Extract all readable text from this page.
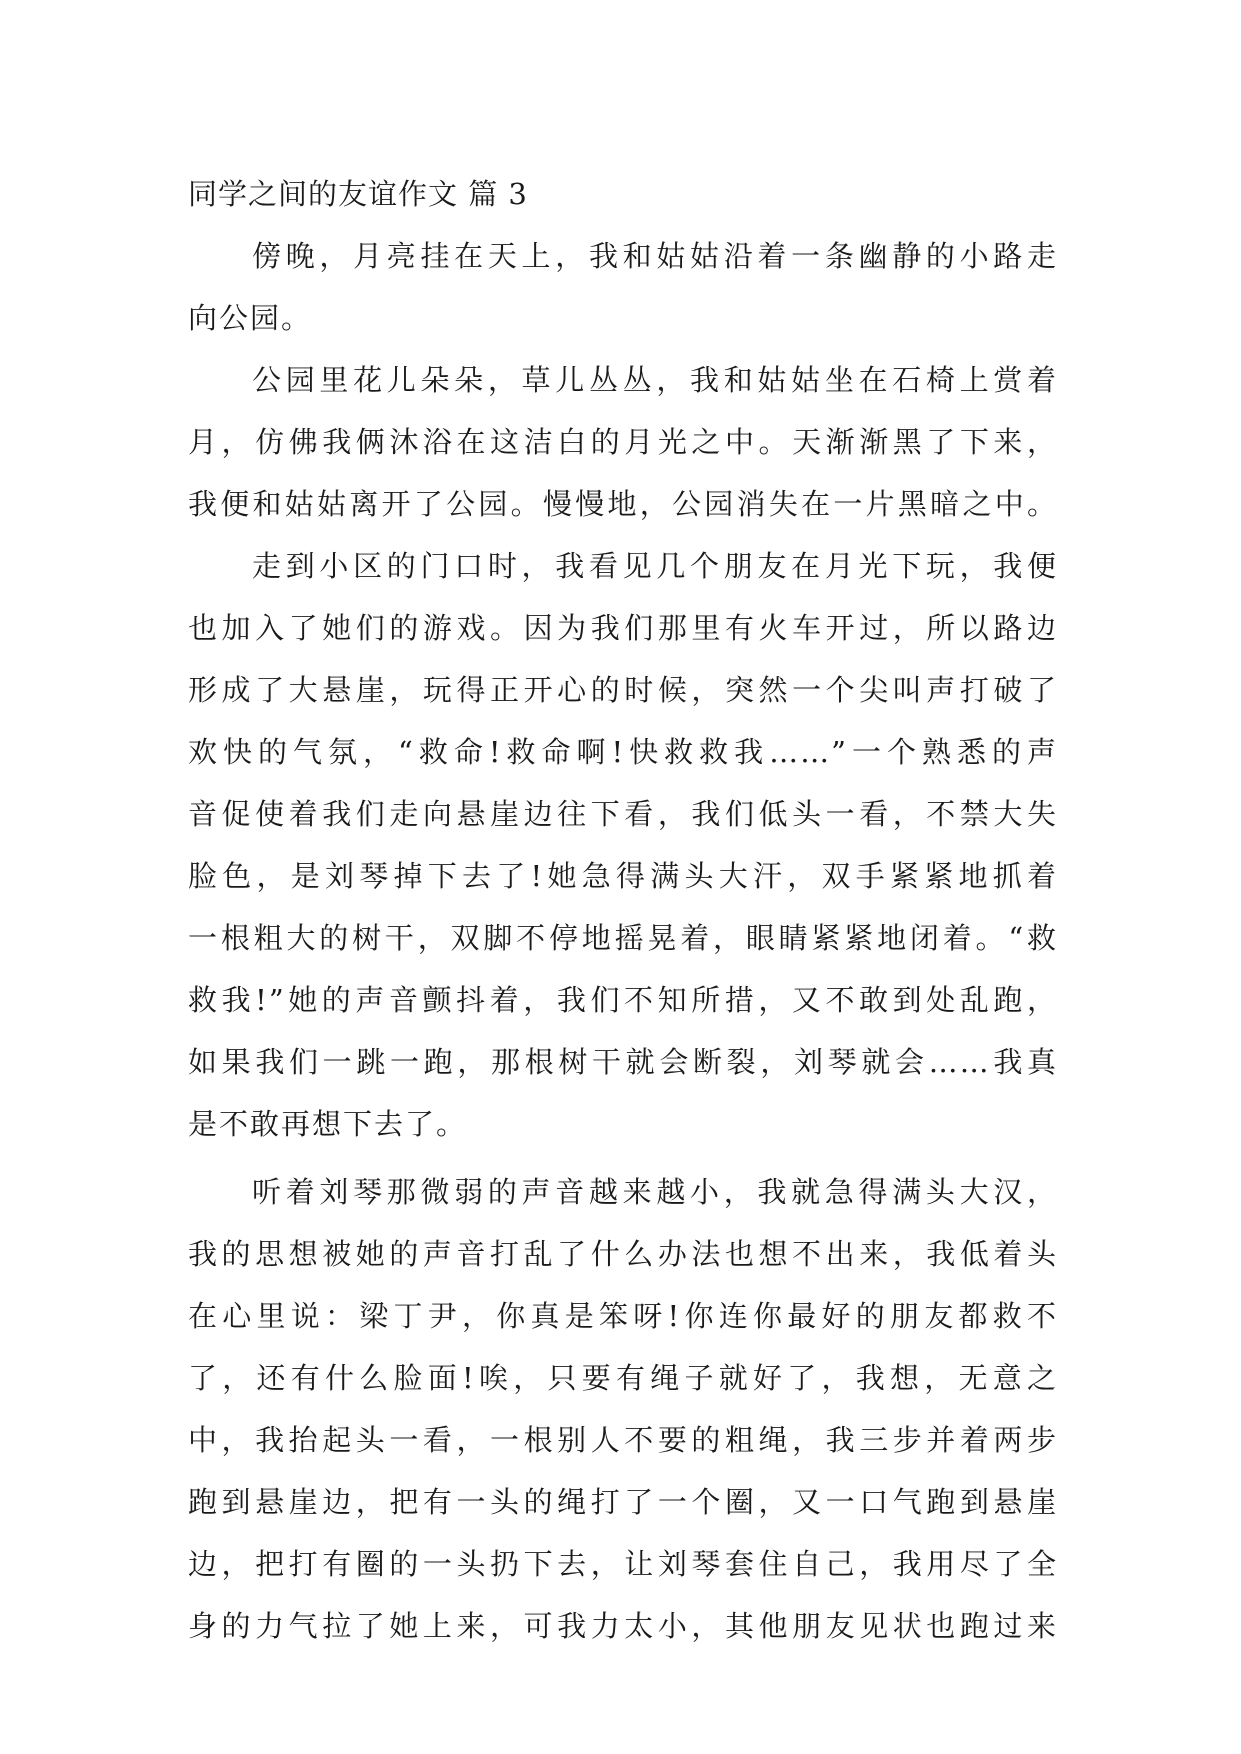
同学之间的友谊作文 篇 3
傍晚，月亮挂在天上，我和姑姑沿着一条幽静的小路走
向公园。
公园里花儿朵朵，草儿丛丛，我和姑姑坐在石椅上赏着
月，仿佛我俩沐浴在这洁白的月光之中。天渐渐黑了下来，
我便和姑姑离开了公园。慢慢地，公园消失在一片黑暗之中。
走到小区的门口时，我看见几个朋友在月光下玩，我便
也加入了她们的游戏。因为我们那里有火车开过，所以路边
形成了大悬崖，玩得正开心的时候，突然一个尖叫声打破了
欢快的气氛，“救命!救命啊!快救救我……”一个熟悉的声
音促使着我们走向悬崖边往下看，我们低头一看，不禁大失
脸色，是刘琴掉下去了!她急得满头大汗，双手紧紧地抓着
一根粗大的树干，双脚不停地摇晃着，眼睛紧紧地闭着。“救
救我!”她的声音颤抖着，我们不知所措，又不敢到处乱跑，
如果我们一跳一跑，那根树干就会断裂，刘琴就会……我真
是不敢再想下去了。
听着刘琴那微弱的声音越来越小，我就急得满头大汉，
我的思想被她的声音打乱了什么办法也想不出来，我低着头
在心里说：梁丁尹，你真是笨呀!你连你最好的朋友都救不
了，还有什么脸面!唉，只要有绳子就好了，我想，无意之
中，我抬起头一看，一根别人不要的粗绳，我三步并着两步
跑到悬崖边，把有一头的绳打了一个圈，又一口气跑到悬崖
边，把打有圈的一头扔下去，让刘琴套住自己，我用尽了全
身的力气拉了她上来，可我力太小，其他朋友见状也跑过来
